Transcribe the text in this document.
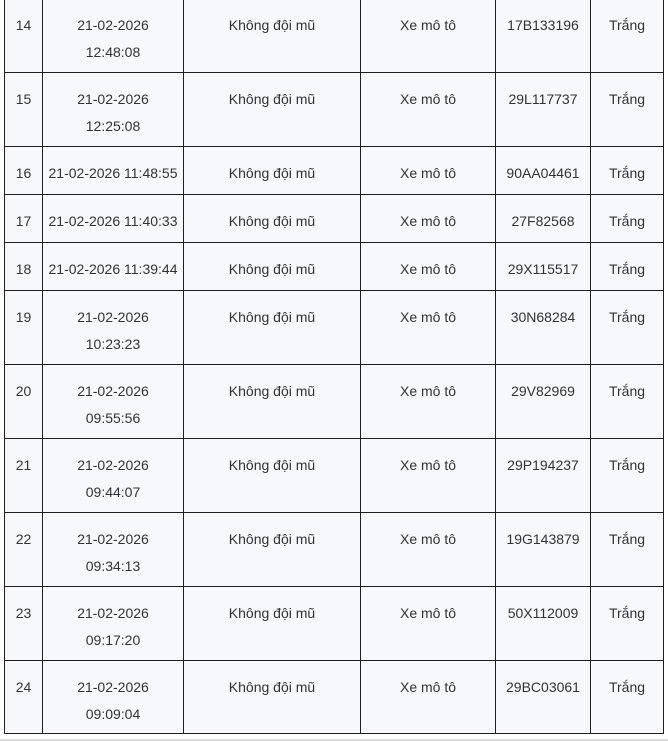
14	21-02-2026 12:48:08	Không đội mũ	Xe mô tô	17B133196	Trắng

15	21-02-2026 12:25:08	Không đội mũ	Xe mô tô	29L117737	Trắng

16	21-02-2026 11:48:55	Không đội mũ	Xe mô tô	90AA04461	Trắng

17	21-02-2026 11:40:33	Không đội mũ	Xe mô tô	27F82568	Trắng

18	21-02-2026 11:39:44	Không đội mũ	Xe mô tô	29X115517	Trắng

19	21-02-2026 10:23:23	Không đội mũ	Xe mô tô	30N68284	Trắng

20	21-02-2026 09:55:56	Không đội mũ	Xe mô tô	29V82969	Trắng

21	21-02-2026 09:44:07	Không đội mũ	Xe mô tô	29P194237	Trắng

22	21-02-2026 09:34:13	Không đội mũ	Xe mô tô	19G143879	Trắng

23	21-02-2026 09:17:20	Không đội mũ	Xe mô tô	50X112009	Trắng

24	21-02-2026 09:09:04	Không đội mũ	Xe mô tô	29BC03061	Trắng
